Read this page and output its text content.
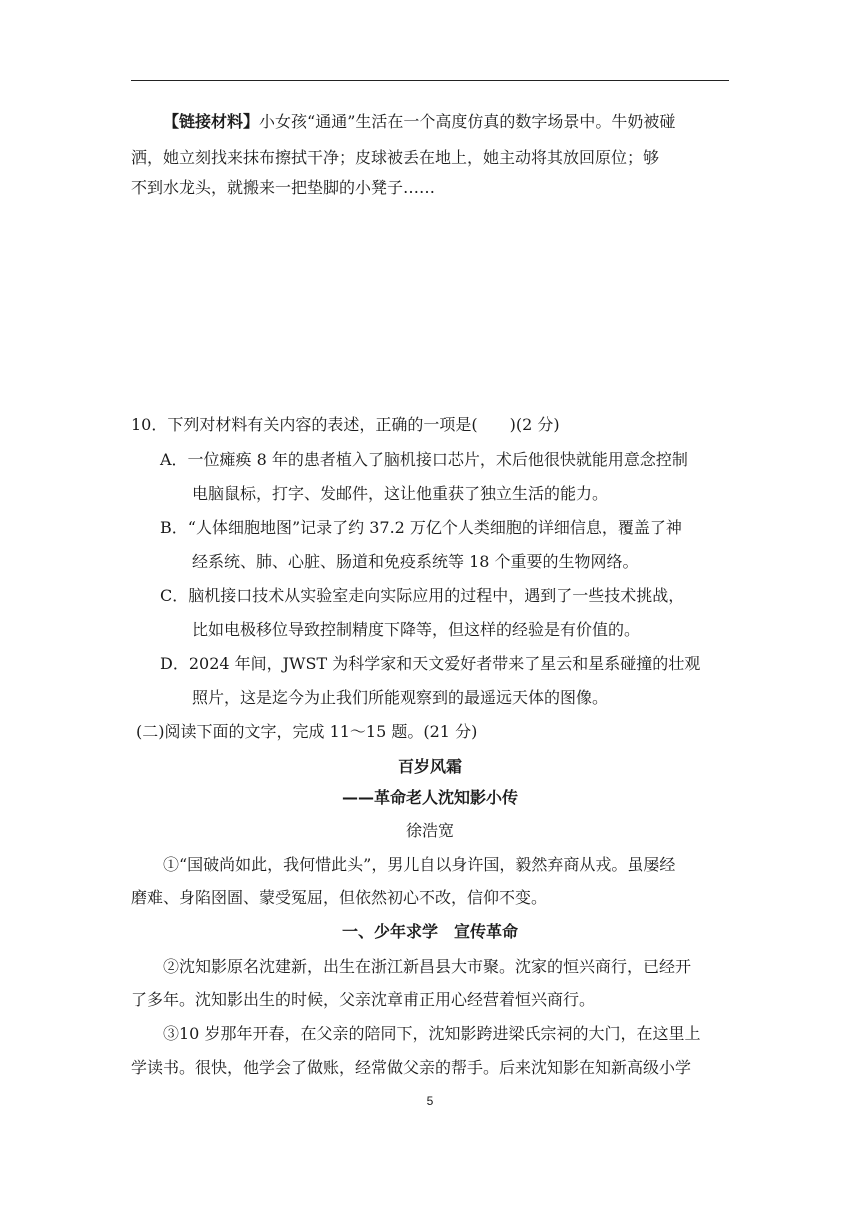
【链接材料】小女孩“通通”生活在一个高度仿真的数字场景中。牛奶被碰
洒，她立刻找来抹布擦拭干净；皮球被丢在地上，她主动将其放回原位；够
不到水龙头，就搬来一把垫脚的小凳子……
10．下列对材料有关内容的表述，正确的一项是(　　)(2 分)
A．一位瘫痪 8 年的患者植入了脑机接口芯片，术后他很快就能用意念控制
电脑鼠标，打字、发邮件，这让他重获了独立生活的能力。
B．“人体细胞地图”记录了约 37.2 万亿个人类细胞的详细信息，覆盖了神
经系统、肺、心脏、肠道和免疫系统等 18 个重要的生物网络。
C．脑机接口技术从实验室走向实际应用的过程中，遇到了一些技术挑战，
比如电极移位导致控制精度下降等，但这样的经验是有价值的。
D．2024 年间，JWST 为科学家和天文爱好者带来了星云和星系碰撞的壮观
照片，这是迄今为止我们所能观察到的最遥远天体的图像。
(二)阅读下面的文字，完成 11～15 题。(21 分)
百岁风霜
——革命老人沈知影小传
徐浩宽
①“国破尚如此，我何惜此头”，男儿自以身许国，毅然弃商从戎。虽屡经
磨难、身陷囹圄、蒙受冤屈，但依然初心不改，信仰不变。
一、少年求学　宣传革命
②沈知影原名沈建新，出生在浙江新昌县大市聚。沈家的恒兴商行，已经开
了多年。沈知影出生的时候，父亲沈章甫正用心经营着恒兴商行。
③10 岁那年开春，在父亲的陪同下，沈知影跨进梁氏宗祠的大门，在这里上
学读书。很快，他学会了做账，经常做父亲的帮手。后来沈知影在知新高级小学
5
